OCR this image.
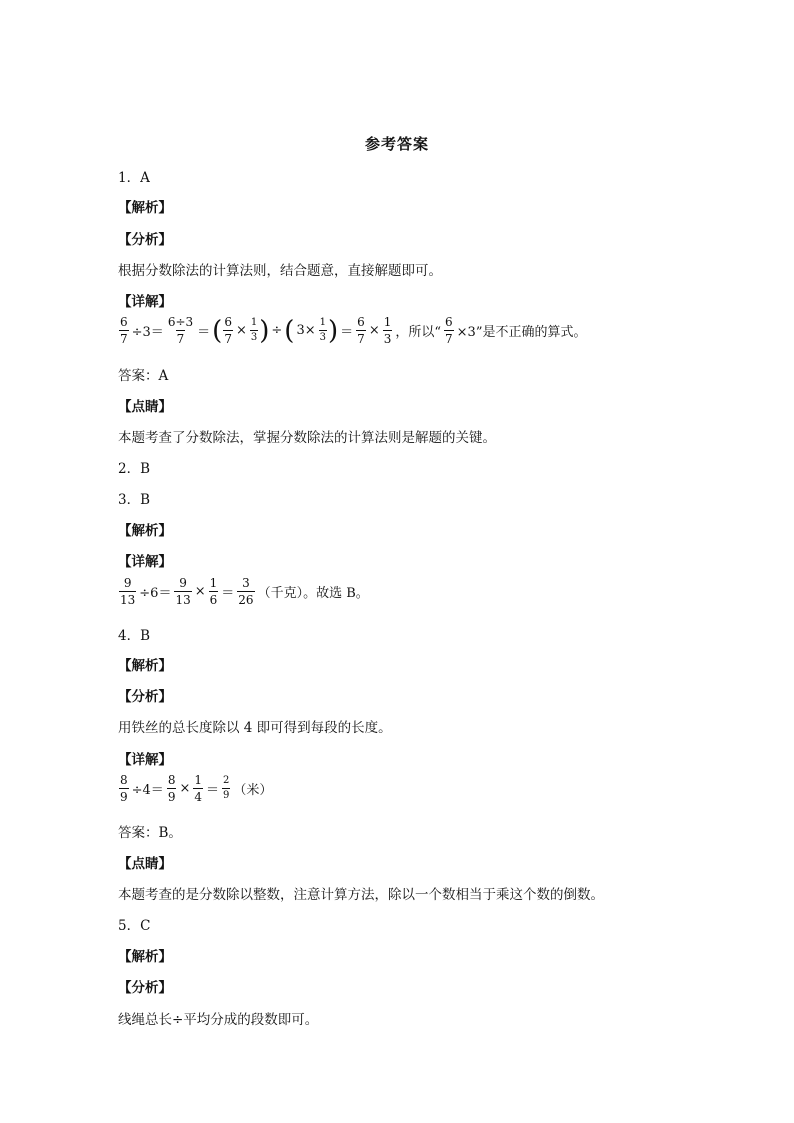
参考答案
1．A
【解析】
【分析】
根据分数除法的计算法则，结合题意，直接解题即可。
【详解】
$\frac{6}{7} \div 3= \frac{6\div 3}{7}$ ＝ ( $\frac{6}{7} \times \frac{1}{3}$ ) ÷ ( $3\times \frac{1}{3}$ ) ＝ $\frac{6}{7} \times \frac{1}{3}$ ，所以“ $\frac{6}{7} \times 3$”是不正确的算式。
答案：A
【点睛】
本题考查了分数除法，掌握分数除法的计算法则是解题的关键。
2．B
3．B
【解析】
【详解】
$\frac{9}{13} \div 6= \frac{9}{13} \times \frac{1}{6} = \frac{3}{26}$ （千克）。故选 B。
4．B
【解析】
【分析】
用铁丝的总长度除以 4 即可得到每段的长度。
【详解】
$\frac{8}{9} \div 4= \frac{8}{9} \times \frac{1}{4} = \frac{2}{9}$ （米）
答案：B。
【点睛】
本题考查的是分数除以整数，注意计算方法，除以一个数相当于乘这个数的倒数。
5．C
【解析】
【分析】
线绳总长÷平均分成的段数即可。
